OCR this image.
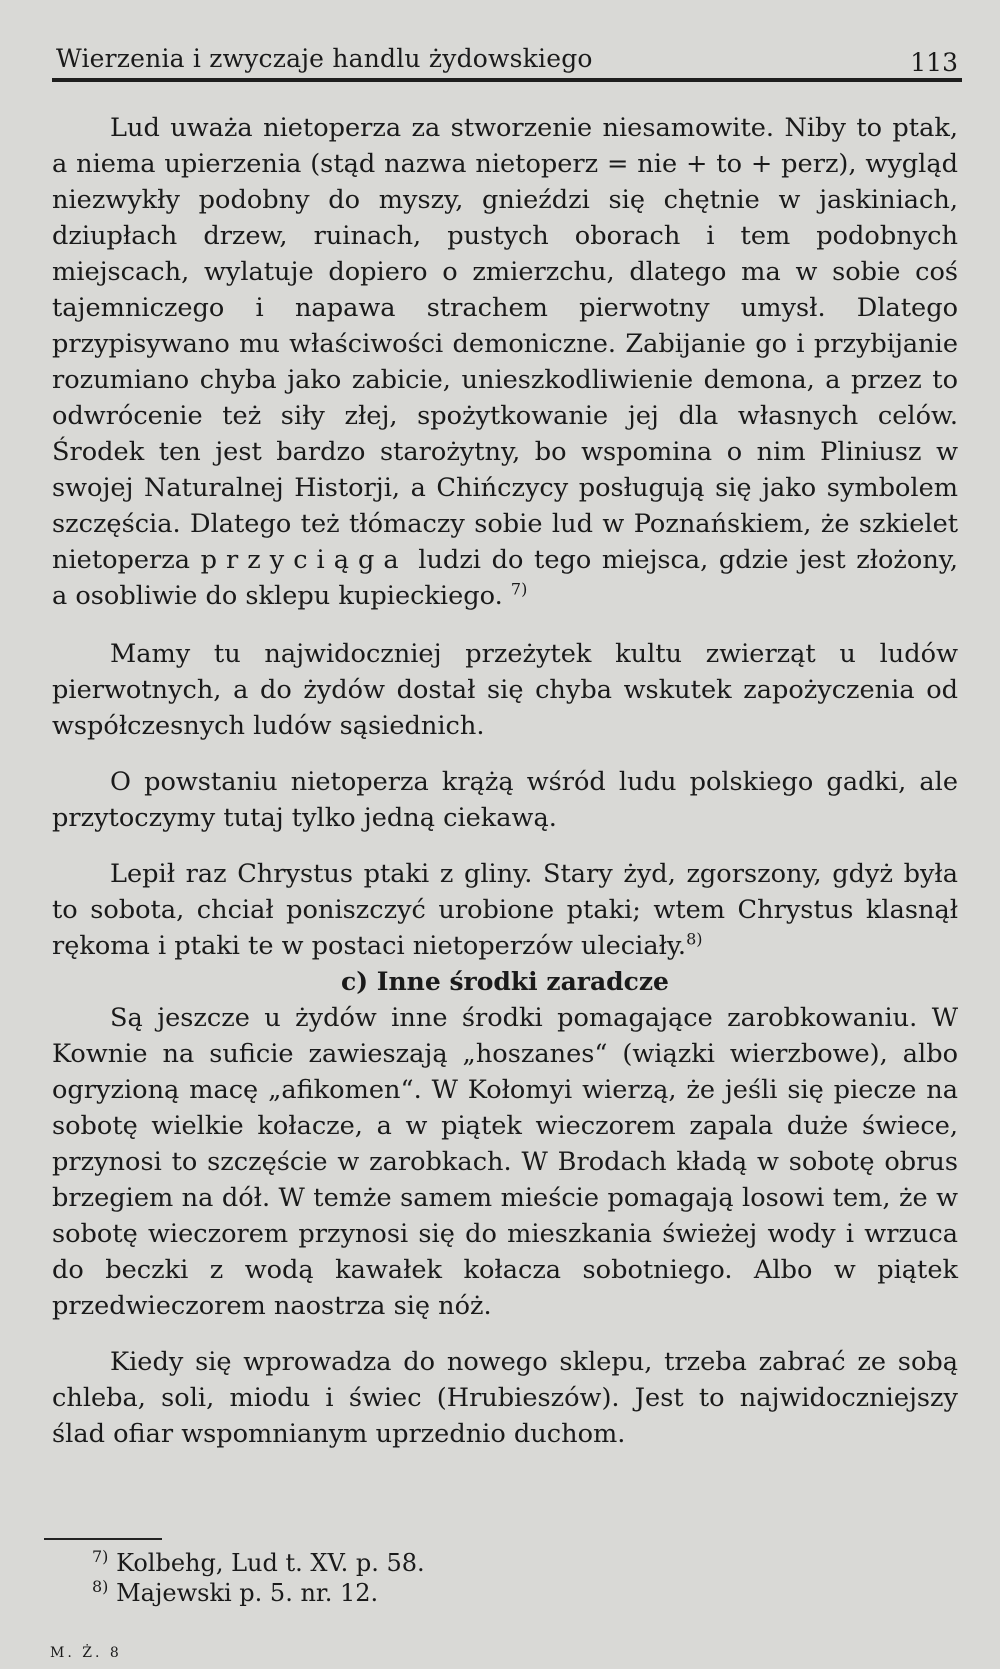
Wierzenia i zwyczaje handlu żydowskiego	113

Lud uważa nietoperza za stworzenie niesamowite. Niby to ptak, a niema upierzenia (stąd nazwa nietoperz = nie + to + perz), wygląd niezwykły podobny do myszy, gnieździ się chętnie w jaskiniach, dziupłach drzew, ruinach, pustych oborach i tem podobnych miejscach, wylatuje dopiero o zmierzchu, dlatego ma w sobie coś tajemniczego i napawa strachem pierwotny umysł. Dlatego przypisywano mu właściwości demoniczne. Zabijanie go i przybijanie rozumiano chyba jako zabicie, unieszkodliwienie demona, a przez to odwrócenie też siły złej, spożytkowanie jej dla własnych celów. Środek ten jest bardzo starożytny, bo wspomina o nim Pliniusz w swojej Naturalnej Historji, a Chińczycy posługują się jako symbolem szczęścia. Dlatego też tłómaczy sobie lud w Poznańskiem, że szkielet nietoperza przyciąga ludzi do tego miejsca, gdzie jest złożony, a osobliwie do sklepu kupieckiego. $^{7)}$

Mamy tu najwidoczniej przeżytek kultu zwierząt u ludów pierwotnych, a do żydów dostał się chyba wskutek zapożyczenia od współczesnych ludów sąsiednich.

O powstaniu nietoperza krążą wśród ludu polskiego gadki, ale przytoczymy tutaj tylko jedną ciekawą.

Lepił raz Chrystus ptaki z gliny. Stary żyd, zgorszony, gdyż była to sobota, chciał poniszczyć urobione ptaki; wtem Chrystus klasnął rękoma i ptaki te w postaci nietoperzów uleciały.$^{8)}$

c) Inne środki zaradcze

Są jeszcze u żydów inne środki pomagające zarobkowaniu. W Kownie na suficie zawieszają „hoszanes“ (wiązki wierzbowe), albo ogryzioną macę „afikomen“. W Kołomyi wierzą, że jeśli się piecze na sobotę wielkie kołacze, a w piątek wieczorem zapala duże świece, przynosi to szczęście w zarobkach. W Brodach kładą w sobotę obrus brzegiem na dół. W temże samem mieście pomagają losowi tem, że w sobotę wieczorem przynosi się do mieszkania świeżej wody i wrzuca do beczki z wodą kawałek kołacza sobotniego. Albo w piątek przedwieczorem naostrza się nóż.

Kiedy się wprowadza do nowego sklepu, trzeba zabrać ze sobą chleba, soli, miodu i świec (Hrubieszów). Jest to najwidoczniejszy ślad ofiar wspomnianym uprzednio duchom.

$^{7)}$ Kolbehg, Lud t. XV. p. 58.
$^{8)}$ Majewski p. 5. nr. 12.
M. Ż. 8
